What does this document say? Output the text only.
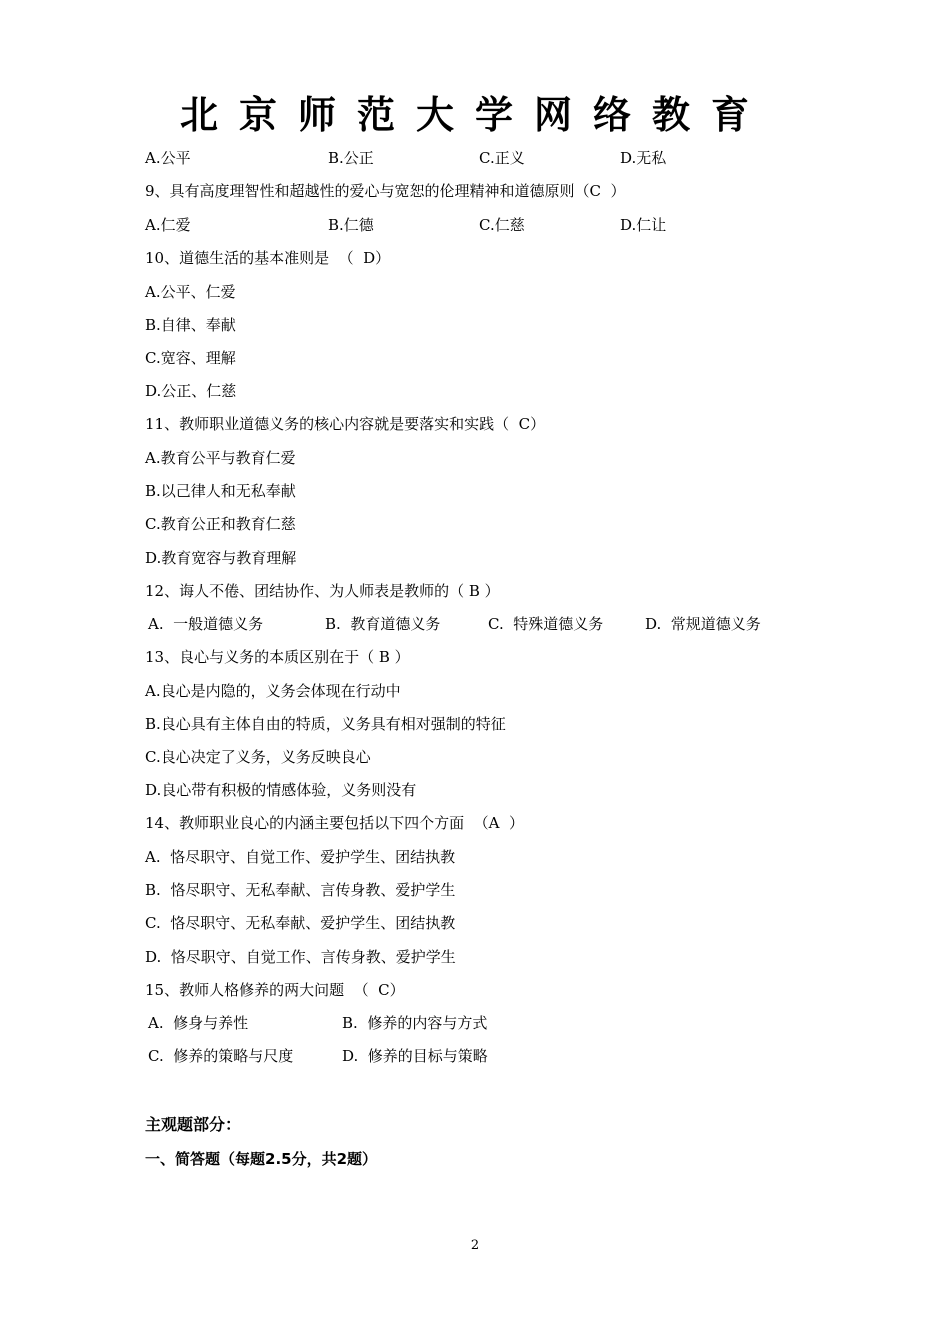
北京师范大学网络教育
A.公平	B.公正	C.正义	D.无私
9、具有高度理智性和超越性的爱心与宽恕的伦理精神和道德原则（C  ）
A.仁爱	B.仁德	C.仁慈	D.仁让
10、道德生活的基本准则是  （  D）
A.公平、仁爱
B.自律、奉献
C.宽容、理解
D.公正、仁慈
11、教师职业道德义务的核心内容就是要落实和实践（  C）
A.教育公平与教育仁爱
B.以己律人和无私奉献
C.教育公正和教育仁慈
D.教育宽容与教育理解
12、诲人不倦、团结协作、为人师表是教师的（ B ）
A.  一般道德义务	B.  教育道德义务	C.  特殊道德义务	D.  常规道德义务
13、良心与义务的本质区别在于（ B ）
A.良心是内隐的，义务会体现在行动中
B.良心具有主体自由的特质，义务具有相对强制的特征
C.良心决定了义务，义务反映良心
D.良心带有积极的情感体验，义务则没有
14、教师职业良心的内涵主要包括以下四个方面  （A  ）
A.  恪尽职守、自觉工作、爱护学生、团结执教
B.  恪尽职守、无私奉献、言传身教、爱护学生
C.  恪尽职守、无私奉献、爱护学生、团结执教
D.  恪尽职守、自觉工作、言传身教、爱护学生
15、教师人格修养的两大问题  （  C）
A.  修身与养性	B.  修养的内容与方式
C.  修养的策略与尺度	D.  修养的目标与策略
主观题部分：
一、简答题（每题2.5分，共2题）
2
